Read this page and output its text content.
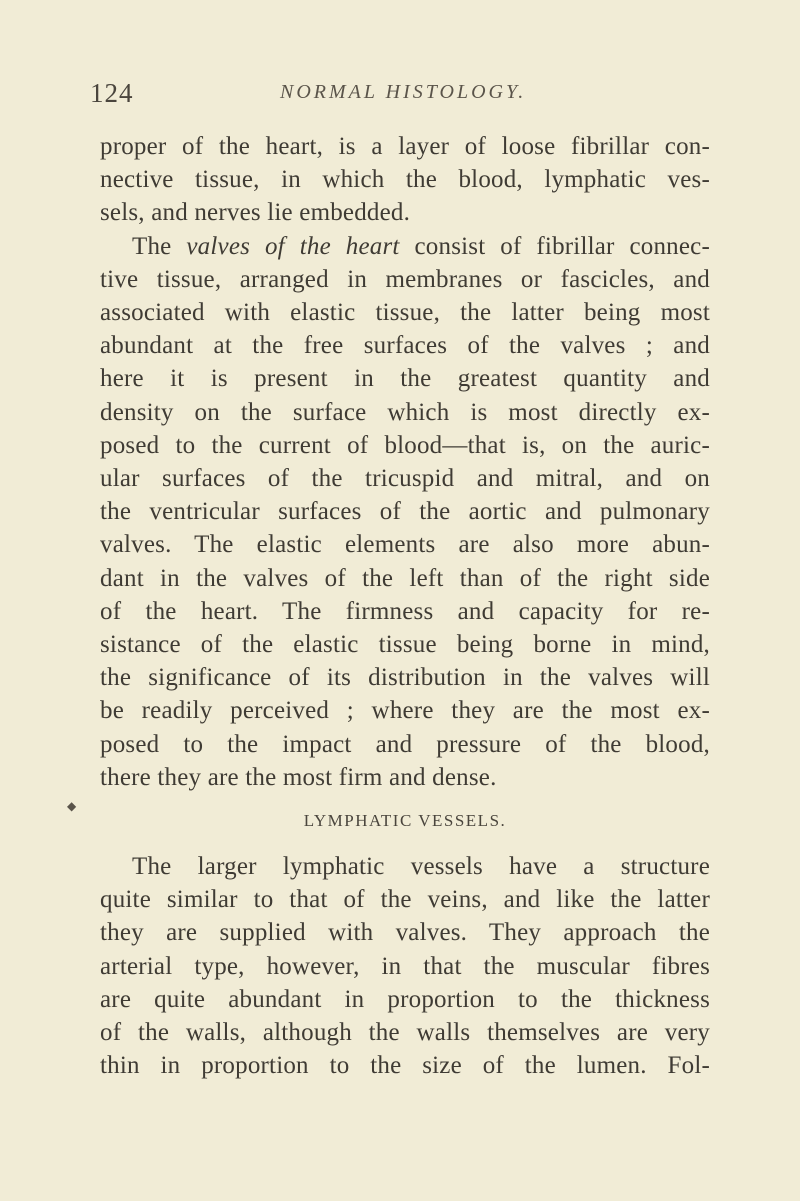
124	NORMAL HISTOLOGY.
◆

proper of the heart, is a layer of loose fibrillar con-
nective tissue, in which the blood, lymphatic ves-
sels, and nerves lie embedded.

The valves of the heart consist of fibrillar connec-
tive tissue, arranged in membranes or fascicles, and
associated with elastic tissue, the latter being most
abundant at the free surfaces of the valves ; and
here it is present in the greatest quantity and
density on the surface which is most directly ex-
posed to the current of blood—that is, on the auric-
ular surfaces of the tricuspid and mitral, and on
the ventricular surfaces of the aortic and pulmonary
valves. The elastic elements are also more abun-
dant in the valves of the left than of the right side
of the heart. The firmness and capacity for re-
sistance of the elastic tissue being borne in mind,
the significance of its distribution in the valves will
be readily perceived ; where they are the most ex-
posed to the impact and pressure of the blood,
there they are the most firm and dense.

LYMPHATIC VESSELS.

The larger lymphatic vessels have a structure
quite similar to that of the veins, and like the latter
they are supplied with valves. They approach the
arterial type, however, in that the muscular fibres
are quite abundant in proportion to the thickness
of the walls, although the walls themselves are very
thin in proportion to the size of the lumen. Fol-
